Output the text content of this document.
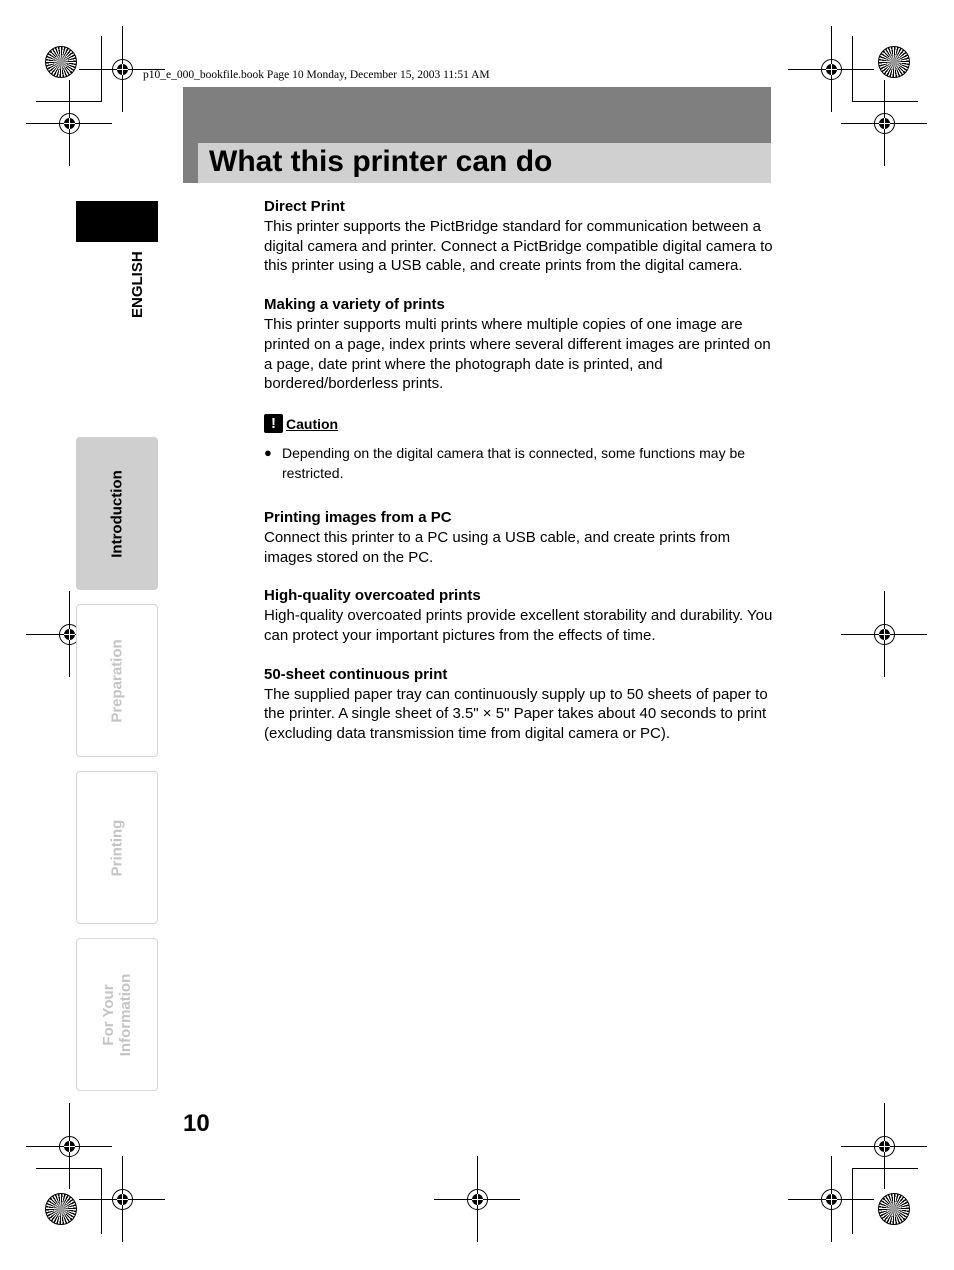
p10_e_000_bookfile.book Page 10 Monday, December 15, 2003 11:51 AM
What this printer can do
ENGLISH
Introduction
Preparation
Printing
For Your
Information
Direct Print

This printer supports the PictBridge standard for communication between a digital camera and printer. Connect a PictBridge compatible digital camera to this printer using a USB cable, and create prints from the digital camera.

Making a variety of prints

This printer supports multi prints where multiple copies of one image are printed on a page, index prints where several different images are printed on a page, date print where the photograph date is printed, and bordered/borderless prints.

! Caution
● Depending on the digital camera that is connected, some functions may be restricted.
Printing images from a PC

Connect this printer to a PC using a USB cable, and create prints from images stored on the PC.

High-quality overcoated prints

High-quality overcoated prints provide excellent storability and durability. You can protect your important pictures from the effects of time.

50-sheet continuous print

The supplied paper tray can continuously supply up to 50 sheets of paper to the printer. A single sheet of 3.5" × 5" Paper takes about 40 seconds to print (excluding data transmission time from digital camera or PC).

10
